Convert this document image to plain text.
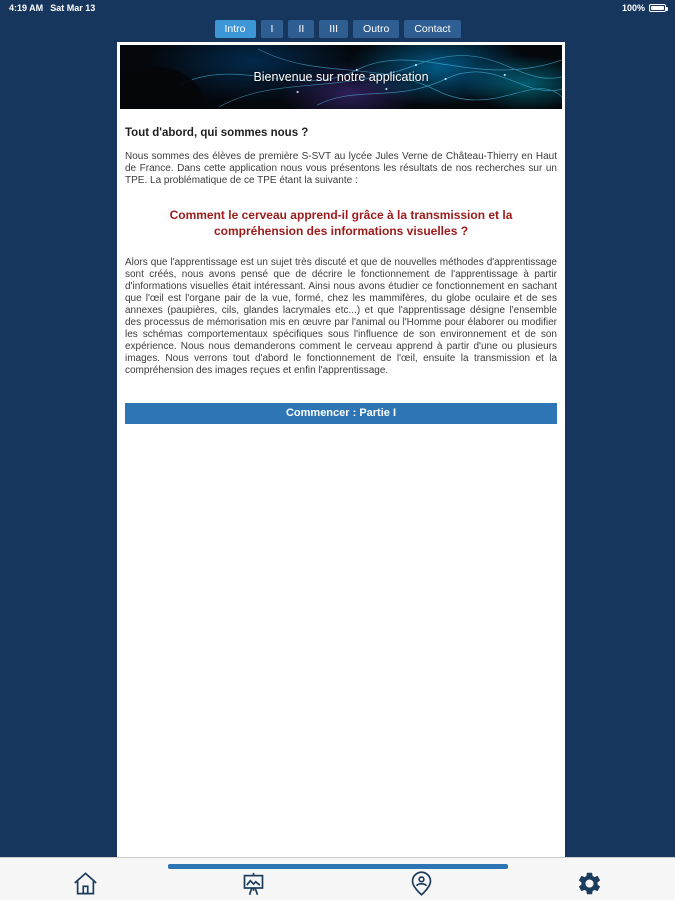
4:19 AM Sat Mar 13	100%
Intro	I	II	III	Outro	Contact
Bienvenue sur notre application
Tout d'abord, qui sommes nous ?

Nous sommes des élèves de première S-SVT au lycée Jules Verne de Château-Thierry en Haut de France. Dans cette application nous vous présentons les résultats de nos recherches sur un TPE. La problématique de ce TPE étant la suivante :

Comment le cerveau apprend-il grâce à la transmission et la compréhension des informations visuelles ?

Alors que l'apprentissage est un sujet très discuté et que de nouvelles méthodes d'apprentissage sont créés, nous avons pensé que de décrire le fonctionnement de l'apprentissage à partir d'informations visuelles était intéressant. Ainsi nous avons étudier ce fonctionnement en sachant que l'œil est l'organe pair de la vue, formé, chez les mammifères, du globe oculaire et de ses annexes (paupières, cils, glandes lacrymales etc...) et que l'apprentissage désigne l'ensemble des processus de mémorisation mis en œuvre par l'animal ou l'Homme pour élaborer ou modifier les schémas comportementaux spécifiques sous l'influence de son environnement et de son expérience. Nous nous demanderons comment le cerveau apprend à partir d'une ou plusieurs images. Nous verrons tout d'abord le fonctionnement de l'œil, ensuite la transmission et la compréhension des images reçues et enfin l'apprentissage.

Commencer : Partie I
